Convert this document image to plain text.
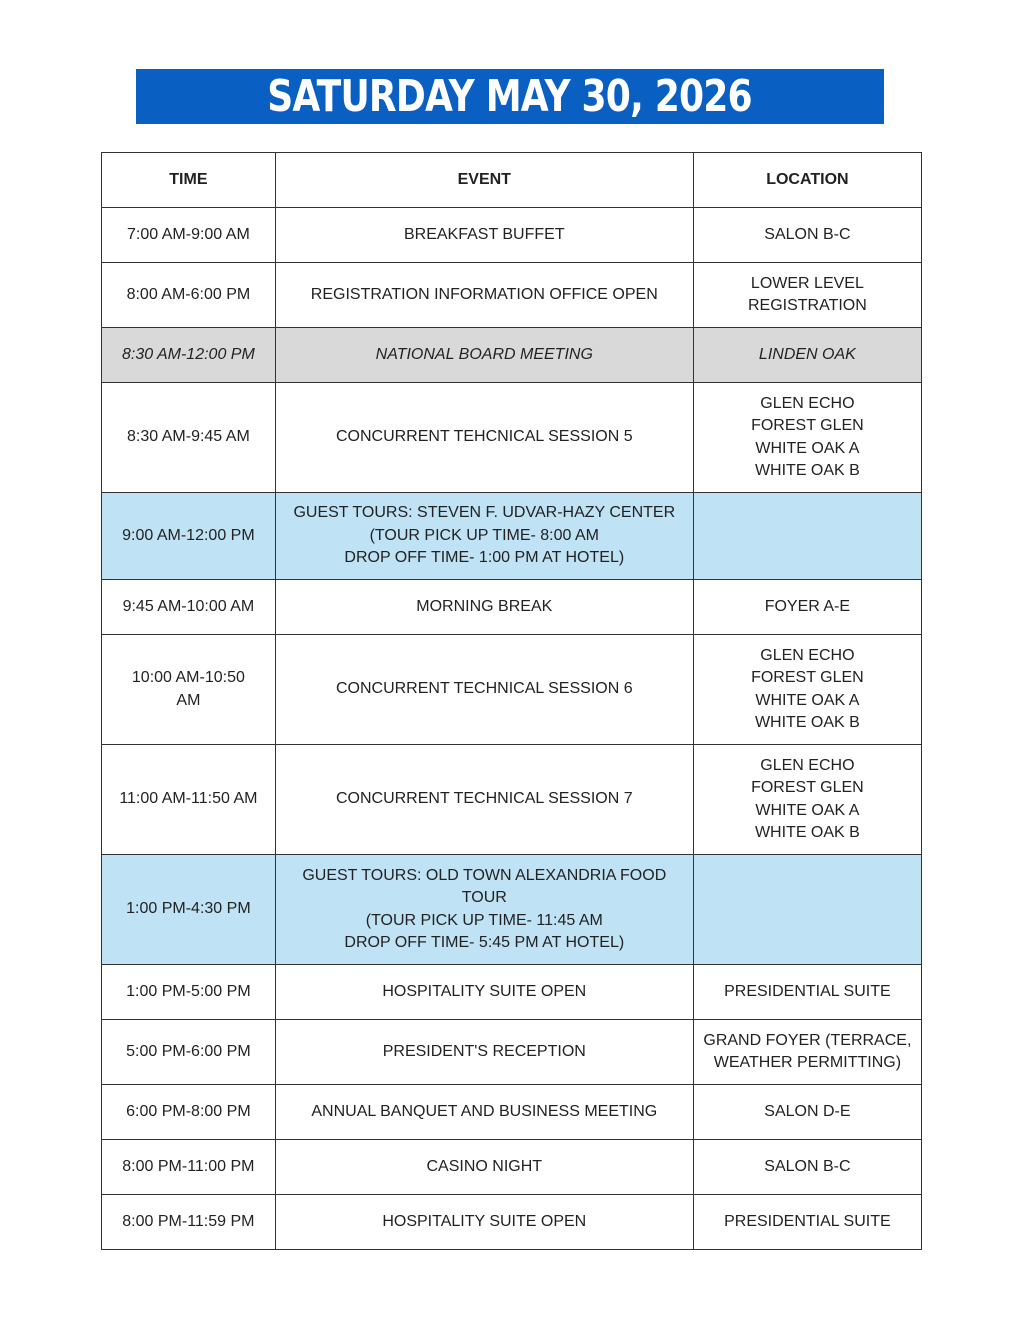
SATURDAY MAY 30, 2026
TIME	EVENT	LOCATION

7:00 AM-9:00 AM	BREAKFAST BUFFET	SALON B-C

8:00 AM-6:00 PM	REGISTRATION INFORMATION OFFICE OPEN	LOWER LEVEL
REGISTRATION

8:30 AM-12:00 PM	NATIONAL BOARD MEETING	LINDEN OAK

8:30 AM-9:45 AM	CONCURRENT TEHCNICAL SESSION 5	GLEN ECHO
FOREST GLEN
WHITE OAK A
WHITE OAK B

9:00 AM-12:00 PM	GUEST TOURS: STEVEN F. UDVAR-HAZY CENTER
(TOUR PICK UP TIME- 8:00 AM
DROP OFF TIME- 1:00 PM AT HOTEL)	

9:45 AM-10:00 AM	MORNING BREAK	FOYER A-E

10:00 AM-10:50
AM	CONCURRENT TECHNICAL SESSION 6	GLEN ECHO
FOREST GLEN
WHITE OAK A
WHITE OAK B

11:00 AM-11:50 AM	CONCURRENT TECHNICAL SESSION 7	GLEN ECHO
FOREST GLEN
WHITE OAK A
WHITE OAK B

1:00 PM-4:30 PM	GUEST TOURS: OLD TOWN ALEXANDRIA FOOD
TOUR
(TOUR PICK UP TIME- 11:45 AM
DROP OFF TIME- 5:45 PM AT HOTEL)	

1:00 PM-5:00 PM	HOSPITALITY SUITE OPEN	PRESIDENTIAL SUITE

5:00 PM-6:00 PM	PRESIDENT'S RECEPTION	GRAND FOYER (TERRACE,
WEATHER PERMITTING)

6:00 PM-8:00 PM	ANNUAL BANQUET AND BUSINESS MEETING	SALON D-E

8:00 PM-11:00 PM	CASINO NIGHT	SALON B-C

8:00 PM-11:59 PM	HOSPITALITY SUITE OPEN	PRESIDENTIAL SUITE
